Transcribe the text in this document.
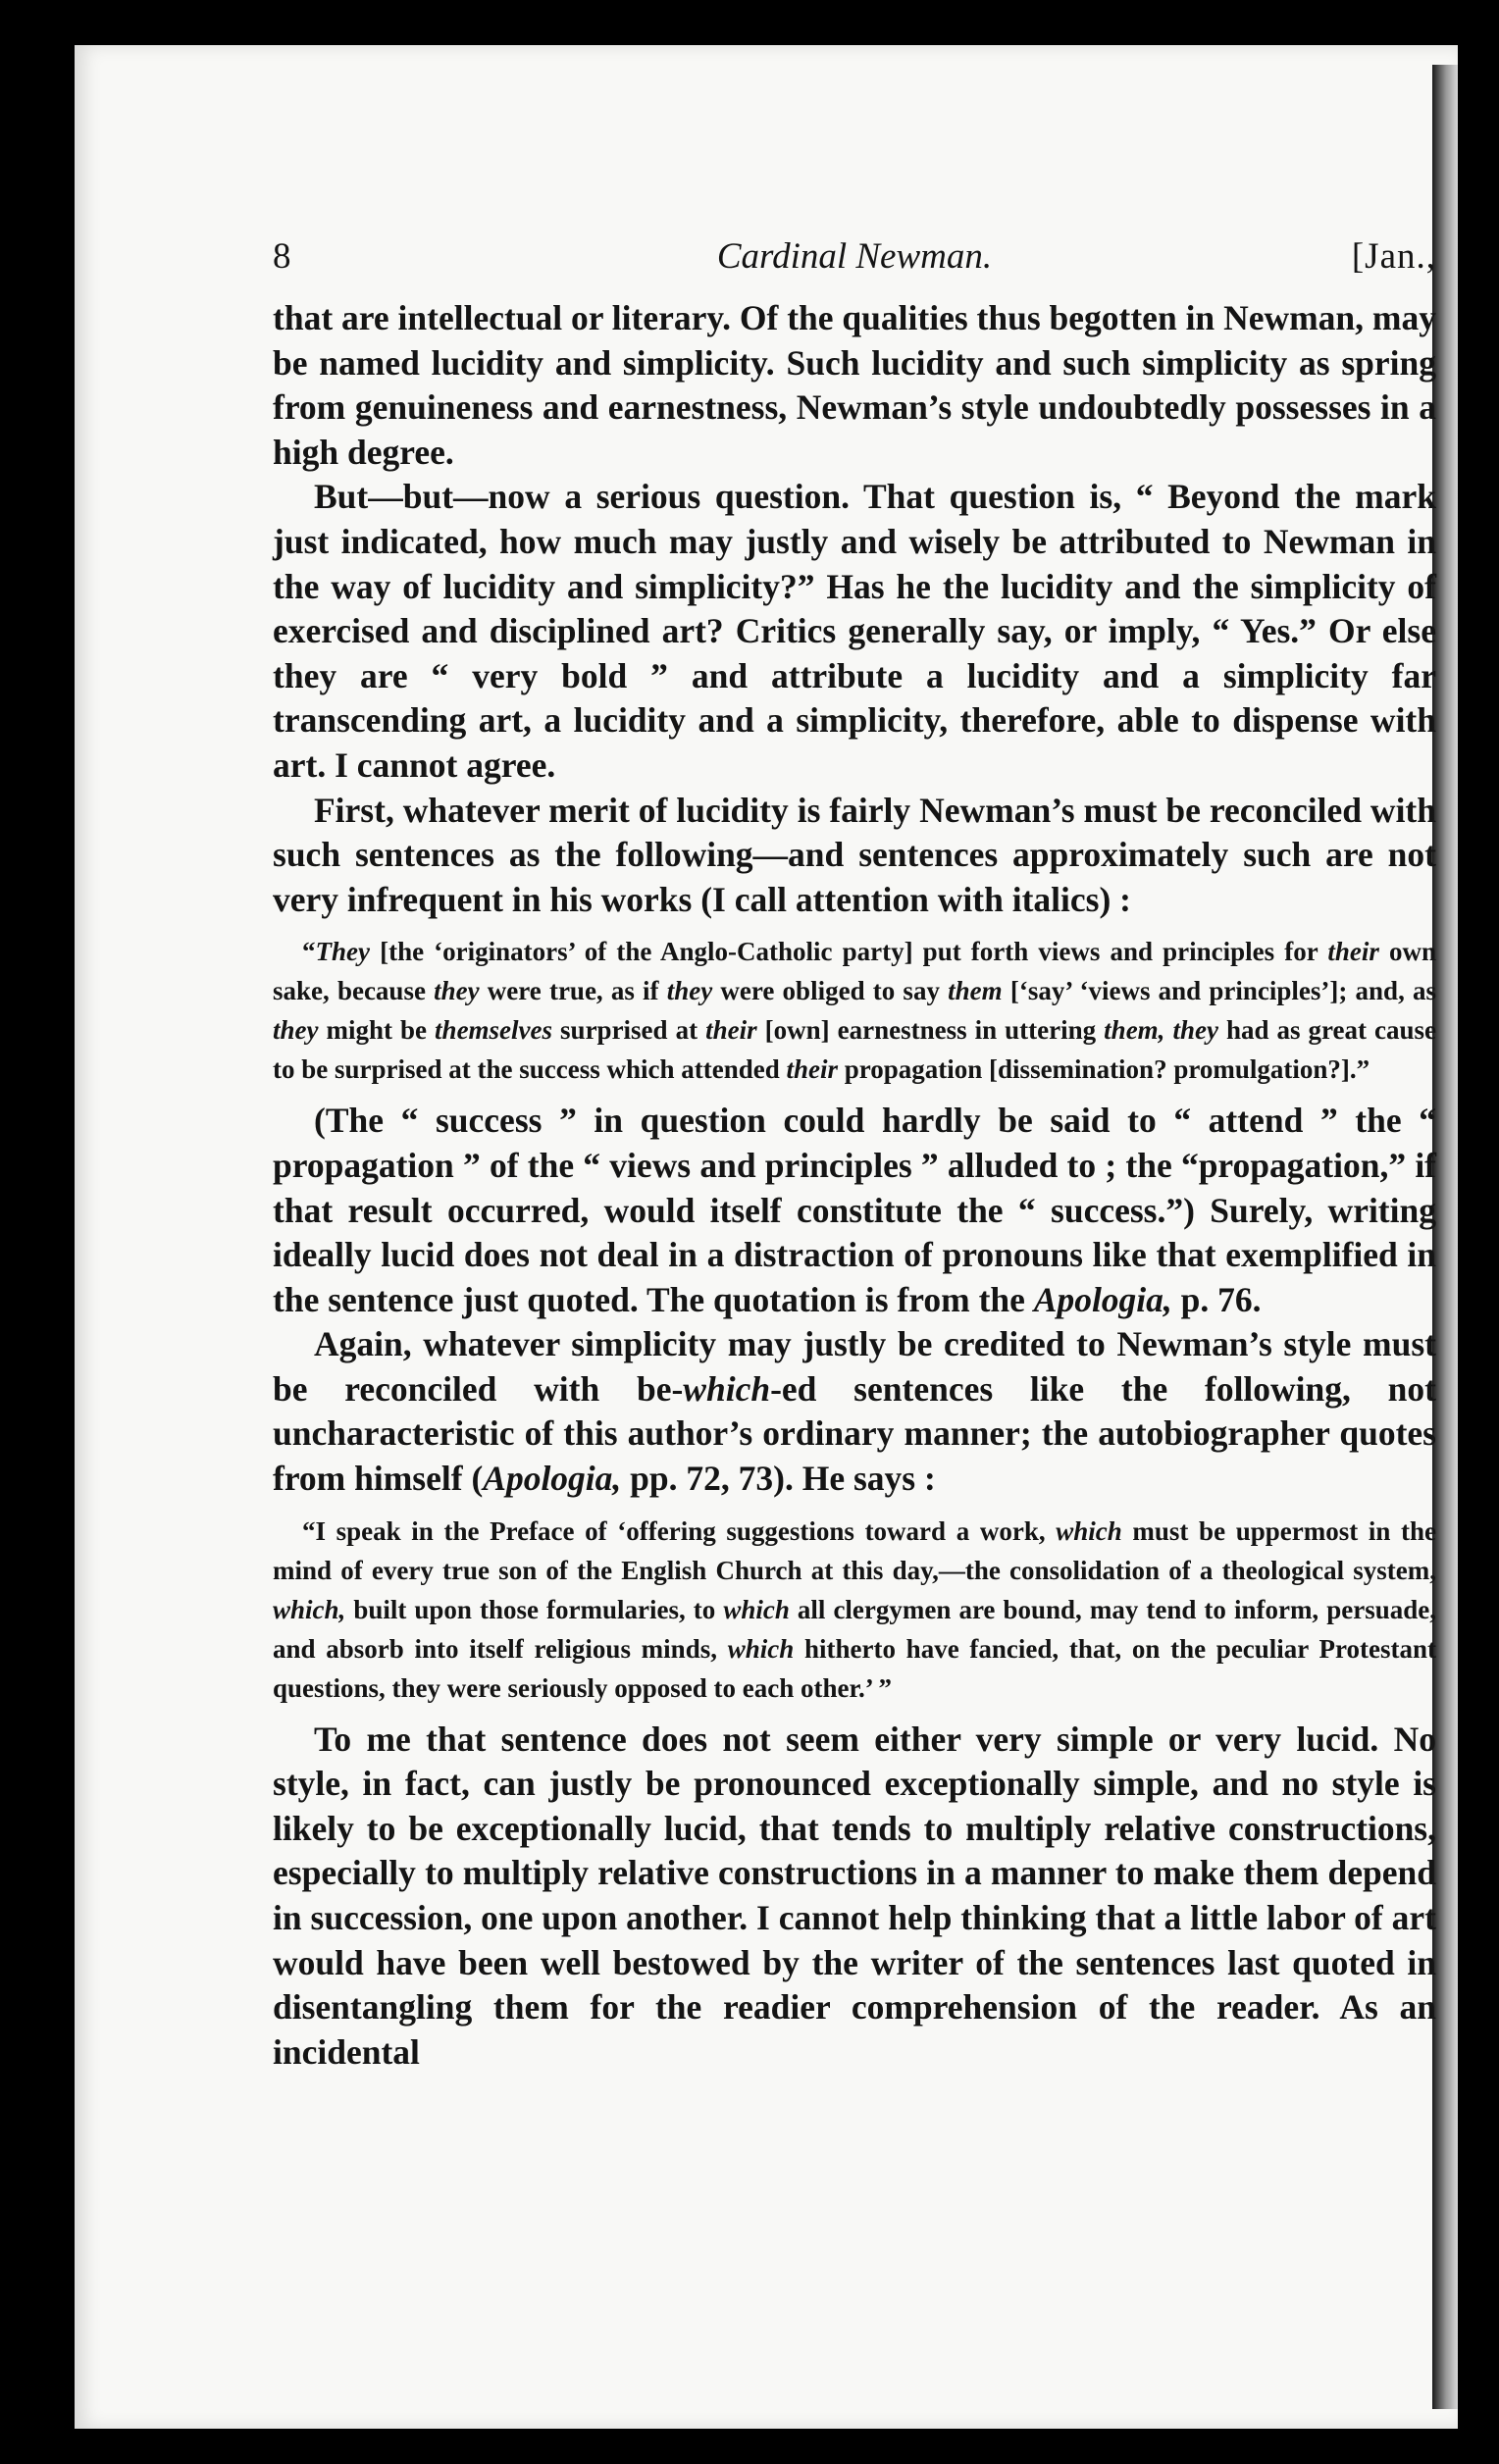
8	Cardinal Newman.	[Jan.,

that are intellectual or literary. Of the qualities thus begotten in Newman, may be named lucidity and simplicity. Such lucidity and such simplicity as spring from genuineness and earnestness, Newman’s style undoubtedly possesses in a high degree.

But—but—now a serious question. That question is, “ Beyond the mark just indicated, how much may justly and wisely be attributed to Newman in the way of lucidity and simplicity?” Has he the lucidity and the simplicity of exercised and disciplined art? Critics generally say, or imply, “ Yes.” Or else they are “ very bold ” and attribute a lucidity and a simplicity far transcending art, a lucidity and a simplicity, therefore, able to dispense with art. I cannot agree.

First, whatever merit of lucidity is fairly Newman’s must be reconciled with such sentences as the following—and sentences approximately such are not very infrequent in his works (I call attention with italics) :

“They [the ‘originators’ of the Anglo-Catholic party] put forth views and principles for their own sake, because they were true, as if they were obliged to say them [‘say’ ‘views and principles’]; and, as they might be themselves surprised at their [own] earnestness in uttering them, they had as great cause to be surprised at the success which attended their propagation [dissemination? promulgation?].”

(The “ success ” in question could hardly be said to “ attend ” the “ propagation ” of the “ views and principles ” alluded to ; the “propagation,” if that result occurred, would itself constitute the “ success.”) Surely, writing ideally lucid does not deal in a distraction of pronouns like that exemplified in the sentence just quoted. The quotation is from the Apologia, p. 76.

Again, whatever simplicity may justly be credited to Newman’s style must be reconciled with be-which-ed sentences like the following, not uncharacteristic of this author’s ordinary manner; the autobiographer quotes from himself (Apologia, pp. 72, 73). He says :

“I speak in the Preface of ‘offering suggestions toward a work, which must be uppermost in the mind of every true son of the English Church at this day,—the consolidation of a theological system, which, built upon those formularies, to which all clergymen are bound, may tend to inform, persuade, and absorb into itself religious minds, which hitherto have fancied, that, on the peculiar Protestant questions, they were seriously opposed to each other.’ ”

To me that sentence does not seem either very simple or very lucid. No style, in fact, can justly be pronounced exceptionally simple, and no style is likely to be exceptionally lucid, that tends to multiply relative constructions, especially to multiply relative constructions in a manner to make them depend in succession, one upon another. I cannot help thinking that a little labor of art would have been well bestowed by the writer of the sentences last quoted in disentangling them for the readier comprehension of the reader. As an incidental
